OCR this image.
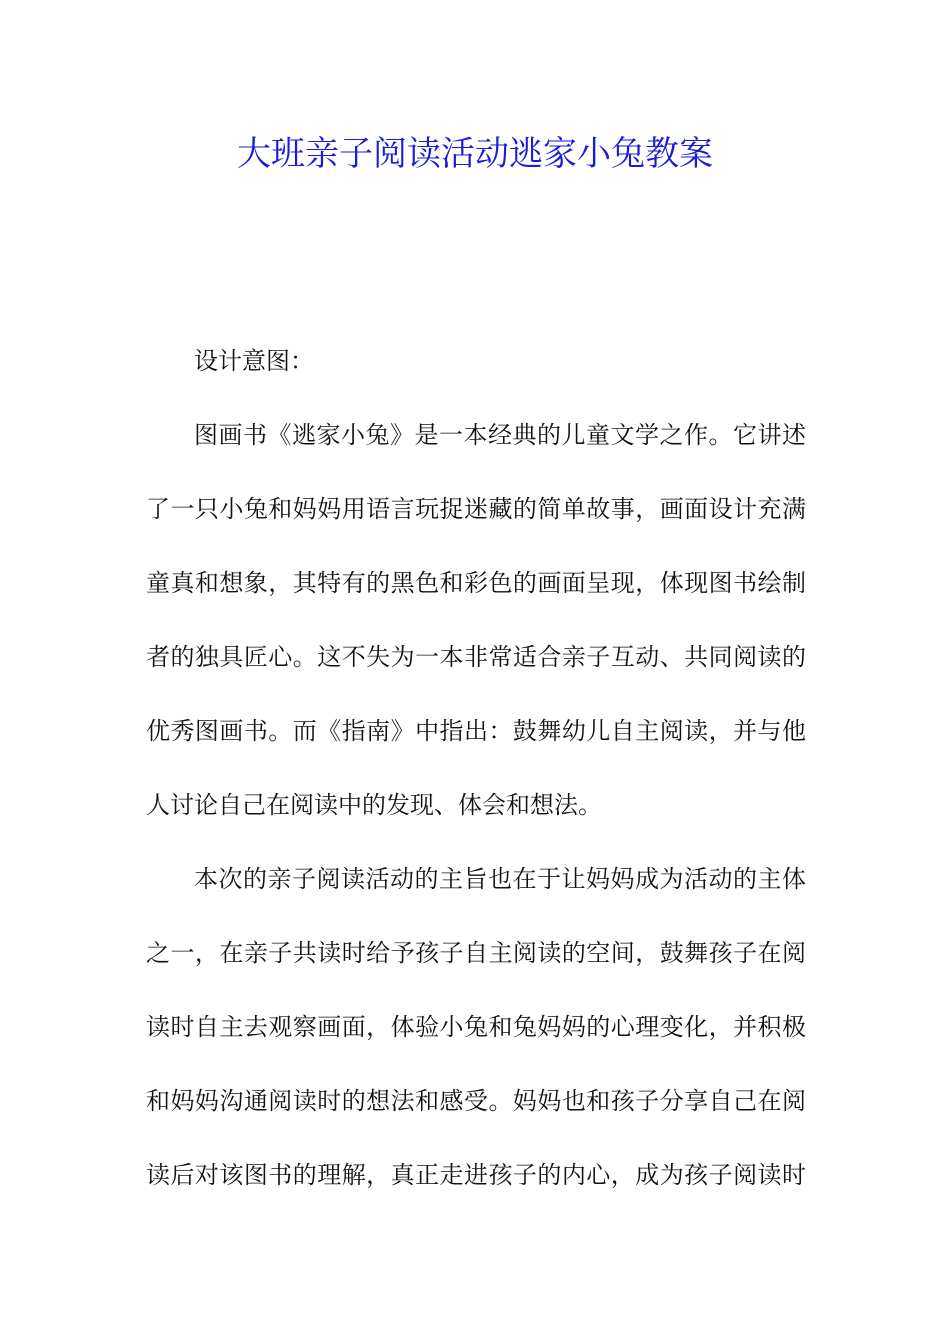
大班亲子阅读活动逃家小兔教案

设计意图：

图画书《逃家小兔》是一本经典的儿童文学之作。它讲述

了一只小兔和妈妈用语言玩捉迷藏的简单故事，画面设计充满

童真和想象，其特有的黑色和彩色的画面呈现，体现图书绘制

者的独具匠心。这不失为一本非常适合亲子互动、共同阅读的

优秀图画书。而《指南》中指出：鼓舞幼儿自主阅读，并与他

人讨论自己在阅读中的发现、体会和想法。

本次的亲子阅读活动的主旨也在于让妈妈成为活动的主体

之一，在亲子共读时给予孩子自主阅读的空间，鼓舞孩子在阅

读时自主去观察画面，体验小兔和兔妈妈的心理变化，并积极

和妈妈沟通阅读时的想法和感受。妈妈也和孩子分享自己在阅

读后对该图书的理解，真正走进孩子的内心，成为孩子阅读时
